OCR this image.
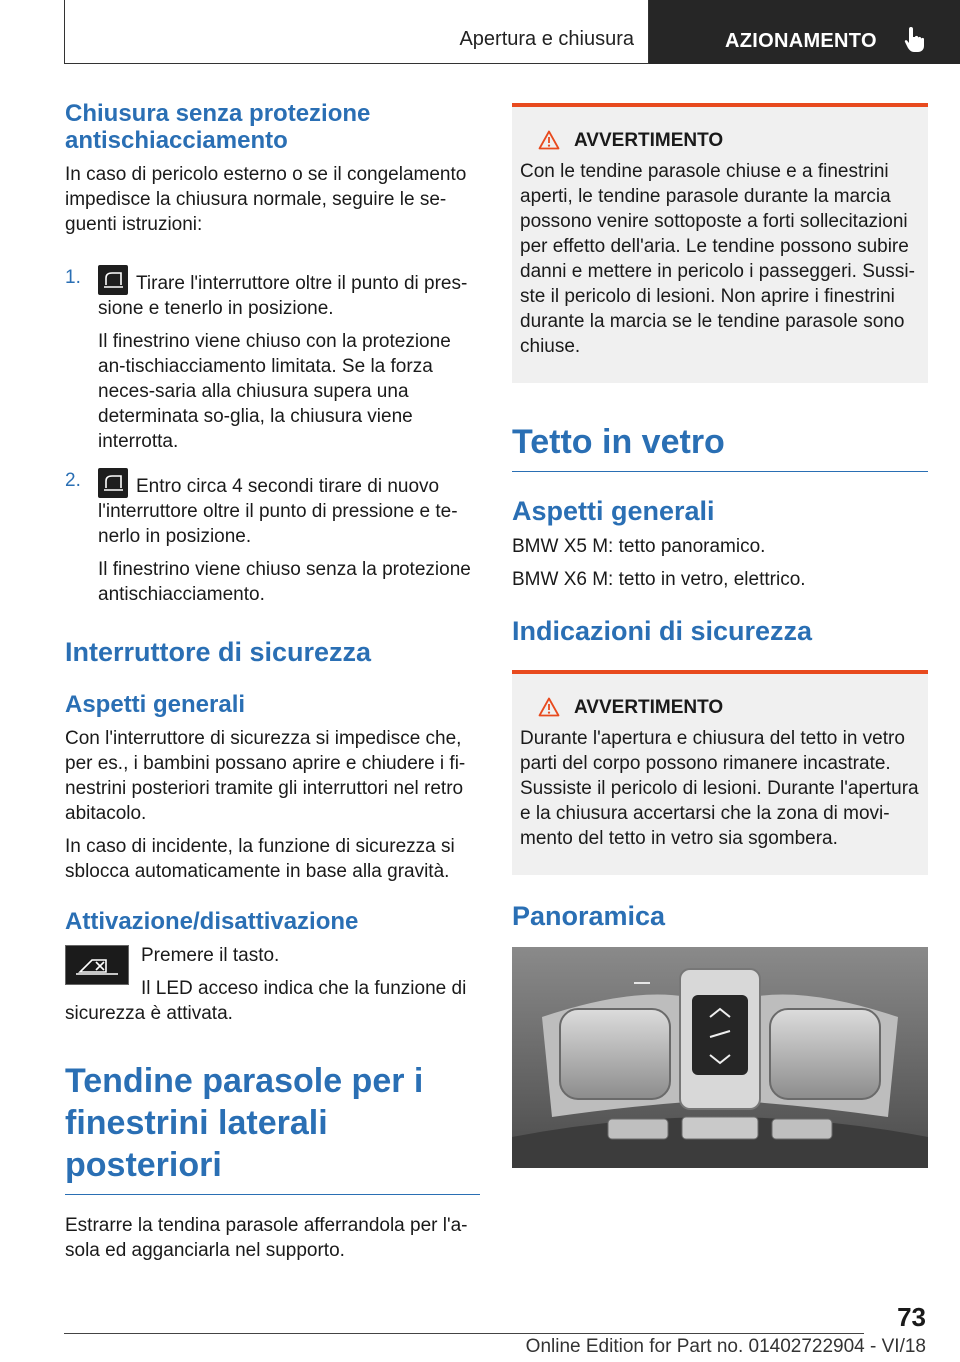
Apertura e chiusura	AZIONAMENTO
Chiusura senza protezione antischiacciamento
In caso di pericolo esterno o se il congelamento impedisce la chiusura normale, seguire le se-guenti istruzioni:
1.	Tirare l'interruttore oltre il punto di pres-sione e tenerlo in posizione.
Il finestrino viene chiuso con la protezione an-tischiacciamento limitata. Se la forza neces-saria alla chiusura supera una determinata so-glia, la chiusura viene interrotta.
2.	Entro circa 4 secondi tirare di nuovo l'interruttore oltre il punto di pressione e te-nerlo in posizione.
Il finestrino viene chiuso senza la protezione antischiacciamento.
Interruttore di sicurezza
Aspetti generali
Con l'interruttore di sicurezza si impedisce che, per es., i bambini possano aprire e chiudere i fi-nestrini posteriori tramite gli interruttori nel retro abitacolo.
In caso di incidente, la funzione di sicurezza si sblocca automaticamente in base alla gravità.
Attivazione/disattivazione
Premere il tasto.
Il LED acceso indica che la funzione di sicurezza è attivata.
Tendine parasole per i finestrini laterali posteriori
Estrarre la tendina parasole afferrandola per l'a-sola ed agganciarla nel supporto.
AVVERTIMENTO
Con le tendine parasole chiuse e a finestrini aperti, le tendine parasole durante la marcia possono venire sottoposte a forti sollecitazioni per effetto dell'aria. Le tendine possono subire danni e mettere in pericolo i passeggeri. Sussi-ste il pericolo di lesioni. Non aprire i finestrini durante la marcia se le tendine parasole sono chiuse.
Tetto in vetro
Aspetti generali
BMW X5 M: tetto panoramico.
BMW X6 M: tetto in vetro, elettrico.
Indicazioni di sicurezza
AVVERTIMENTO
Durante l'apertura e chiusura del tetto in vetro parti del corpo possono rimanere incastrate. Sussiste il pericolo di lesioni. Durante l'apertura e la chiusura accertarsi che la zona di movi-mento del tetto in vetro sia sgombera.
Panoramica
73
Online Edition for Part no. 01402722904 - VI/18
